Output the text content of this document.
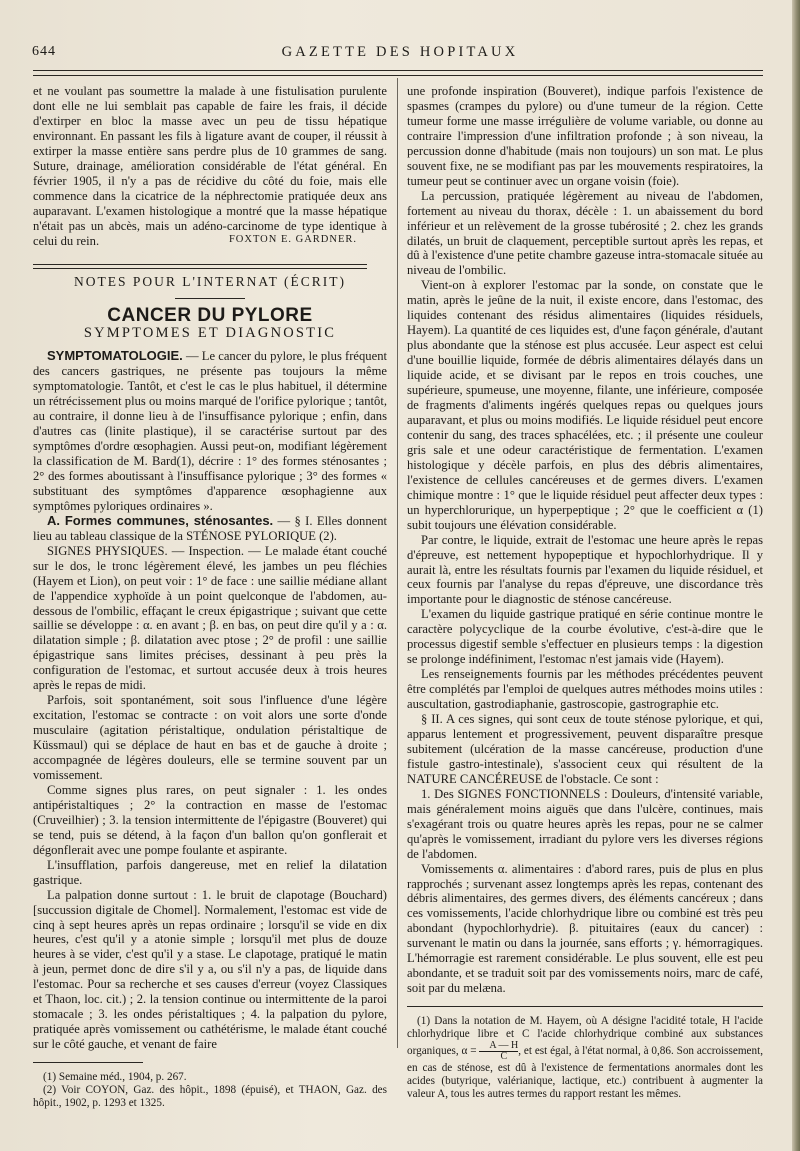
644	GAZETTE DES HOPITAUX

et ne voulant pas soumettre la malade à une fistulisation purulente dont elle ne lui semblait pas capable de faire les frais, il décide d'extirper en bloc la masse avec un peu de tissu hépatique environnant. En passant les fils à ligature avant de couper, il réussit à extirper la masse entière sans perdre plus de 10 grammes de sang. Suture, drainage, amélioration considérable de l'état général. En février 1905, il n'y a pas de récidive du côté du foie, mais elle commence dans la cicatrice de la néphrectomie pratiquée deux ans auparavant. L'examen histologique a montré que la masse hépatique n'était pas un abcès, mais un adéno-carcinome de type identique à celui du rein.	FOXTON E. GARDNER.
NOTES POUR L'INTERNAT (ÉCRIT)
CANCER DU PYLORE
SYMPTOMES ET DIAGNOSTIC

SYMPTOMATOLOGIE. — Le cancer du pylore, le plus fréquent des cancers gastriques, ne présente pas toujours la même symptomatologie. Tantôt, et c'est le cas le plus habituel, il détermine un rétrécissement plus ou moins marqué de l'orifice pylorique ; tantôt, au contraire, il donne lieu à de l'insuffisance pylorique ; enfin, dans d'autres cas (linite plastique), il se caractérise surtout par des symptômes d'ordre œsophagien. Aussi peut-on, modifiant légèrement la classification de M. Bard(1), décrire : 1° des formes sténosantes ; 2° des formes aboutissant à l'insuffisance pylorique ; 3° des formes « substituant des symptômes d'apparence œsophagienne aux symptômes pyloriques ordinaires ».

A. Formes communes, sténosantes. — § I. Elles donnent lieu au tableau classique de la STÉNOSE PYLORIQUE (2).

SIGNES PHYSIQUES. — Inspection. — Le malade étant couché sur le dos, le tronc légèrement élevé, les jambes un peu fléchies (Hayem et Lion), on peut voir : 1° de face : une saillie médiane allant de l'appendice xyphoïde à un point quelconque de l'abdomen, au-dessous de l'ombilic, effaçant le creux épigastrique ; suivant que cette saillie se développe : α. en avant ; β. en bas, on peut dire qu'il y a : α. dilatation simple ; β. dilatation avec ptose ; 2° de profil : une saillie épigastrique sans limites précises, dessinant à peu près la configuration de l'estomac, et surtout accusée deux à trois heures après le repas de midi.

Parfois, soit spontanément, soit sous l'influence d'une légère excitation, l'estomac se contracte : on voit alors une sorte d'onde musculaire (agitation péristaltique, ondulation péristaltique de Küssmaul) qui se déplace de haut en bas et de gauche à droite ; accompagnée de légères douleurs, elle se termine souvent par un vomissement.

Comme signes plus rares, on peut signaler : 1. les ondes antipéristaltiques ; 2° la contraction en masse de l'estomac (Cruveilhier) ; 3. la tension intermittente de l'épigastre (Bouveret) qui se tend, puis se détend, à la façon d'un ballon qu'on gonflerait et dégonflerait avec une pompe foulante et aspirante.

L'insufflation, parfois dangereuse, met en relief la dilatation gastrique.

La palpation donne surtout : 1. le bruit de clapotage (Bouchard) [succussion digitale de Chomel]. Normalement, l'estomac est vide de cinq à sept heures après un repas ordinaire ; lorsqu'il se vide en dix heures, c'est qu'il y a atonie simple ; lorsqu'il met plus de douze heures à se vider, c'est qu'il y a stase. Le clapotage, pratiqué le matin à jeun, permet donc de dire s'il y a, ou s'il n'y a pas, de liquide dans l'estomac. Pour sa recherche et ses causes d'erreur (voyez Classiques et Thaon, loc. cit.) ; 2. la tension continue ou intermittente de la paroi stomacale ; 3. les ondes péristaltiques ; 4. la palpation du pylore, pratiquée après vomissement ou cathétérisme, le malade étant couché sur le côté gauche, et venant de faire

(1) Semaine méd., 1904, p. 267.

(2) Voir COYON, Gaz. des hôpit., 1898 (épuisé), et THAON, Gaz. des hôpit., 1902, p. 1293 et 1325.

une profonde inspiration (Bouveret), indique parfois l'existence de spasmes (crampes du pylore) ou d'une tumeur de la région. Cette tumeur forme une masse irrégulière de volume variable, ou donne au contraire l'impression d'une infiltration profonde ; à son niveau, la percussion donne d'habitude (mais non toujours) un son mat. Le plus souvent fixe, ne se modifiant pas par les mouvements respiratoires, la tumeur peut se continuer avec un organe voisin (foie).

La percussion, pratiquée légèrement au niveau de l'abdomen, fortement au niveau du thorax, décèle : 1. un abaissement du bord inférieur et un relèvement de la grosse tubérosité ; 2. chez les grands dilatés, un bruit de claquement, perceptible surtout après les repas, et dû à l'existence d'une petite chambre gazeuse intra-stomacale située au niveau de l'ombilic.

Vient-on à explorer l'estomac par la sonde, on constate que le matin, après le jeûne de la nuit, il existe encore, dans l'estomac, des liquides contenant des résidus alimentaires (liquides résiduels, Hayem). La quantité de ces liquides est, d'une façon générale, d'autant plus abondante que la sténose est plus accusée. Leur aspect est celui d'une bouillie liquide, formée de débris alimentaires délayés dans un liquide acide, et se divisant par le repos en trois couches, une supérieure, spumeuse, une moyenne, filante, une inférieure, composée de fragments d'aliments ingérés quelques repas ou quelques jours auparavant, et plus ou moins modifiés. Le liquide résiduel peut encore contenir du sang, des traces sphacélées, etc. ; il présente une couleur gris sale et une odeur caractéristique de fermentation. L'examen histologique y décèle parfois, en plus des débris alimentaires, l'existence de cellules cancéreuses et de germes divers. L'examen chimique montre : 1° que le liquide résiduel peut affecter deux types : un hyperchlorurique, un hyperpeptique ; 2° que le coefficient α (1) subit toujours une élévation considérable.

Par contre, le liquide, extrait de l'estomac une heure après le repas d'épreuve, est nettement hypopeptique et hypochlorhydrique. Il y aurait là, entre les résultats fournis par l'examen du liquide résiduel, et ceux fournis par l'analyse du repas d'épreuve, une discordance très importante pour le diagnostic de sténose cancéreuse.

L'examen du liquide gastrique pratiqué en série continue montre le caractère polycyclique de la courbe évolutive, c'est-à-dire que le processus digestif semble s'effectuer en plusieurs temps : la digestion se prolonge indéfiniment, l'estomac n'est jamais vide (Hayem).

Les renseignements fournis par les méthodes précédentes peuvent être complétés par l'emploi de quelques autres méthodes moins utiles : auscultation, gastrodiaphanie, gastroscopie, gastrographie etc.

§ II. A ces signes, qui sont ceux de toute sténose pylorique, et qui, apparus lentement et progressivement, peuvent disparaître presque subitement (ulcération de la masse cancéreuse, production d'une fistule gastro-intestinale), s'associent ceux qui résultent de la NATURE CANCÉREUSE de l'obstacle. Ce sont :

1. Des SIGNES FONCTIONNELS : Douleurs, d'intensité variable, mais généralement moins aiguës que dans l'ulcère, continues, mais s'exagérant trois ou quatre heures après les repas, pour ne se calmer qu'après le vomissement, irradiant du pylore vers les diverses régions de l'abdomen.

Vomissements α. alimentaires : d'abord rares, puis de plus en plus rapprochés ; survenant assez longtemps après les repas, contenant des débris alimentaires, des germes divers, des éléments cancéreux ; dans ces vomissements, l'acide chlorhydrique libre ou combiné est très peu abondant (hypochlorhydrie). β. pituitaires (eaux du cancer) : survenant le matin ou dans la journée, sans efforts ; γ. hémorragiques. L'hémorragie est rarement considérable. Le plus souvent, elle est peu abondante, et se traduit soit par des vomissements noirs, marc de café, soit par du melæna.

(1) Dans la notation de M. Hayem, où A désigne l'acidité totale, H l'acide chlorhydrique libre et C l'acide chlorhydrique combiné aux substances organiques, $\alpha = \frac{A — H}{C}$ , et est égal, à l'état normal, à 0,86. Son accroissement, en cas de sténose, est dû à l'existence de fermentations anormales dont les acides (butyrique, valérianique, lactique, etc.) contribuent à augmenter la valeur A, tous les autres termes du rapport restant les mêmes.
